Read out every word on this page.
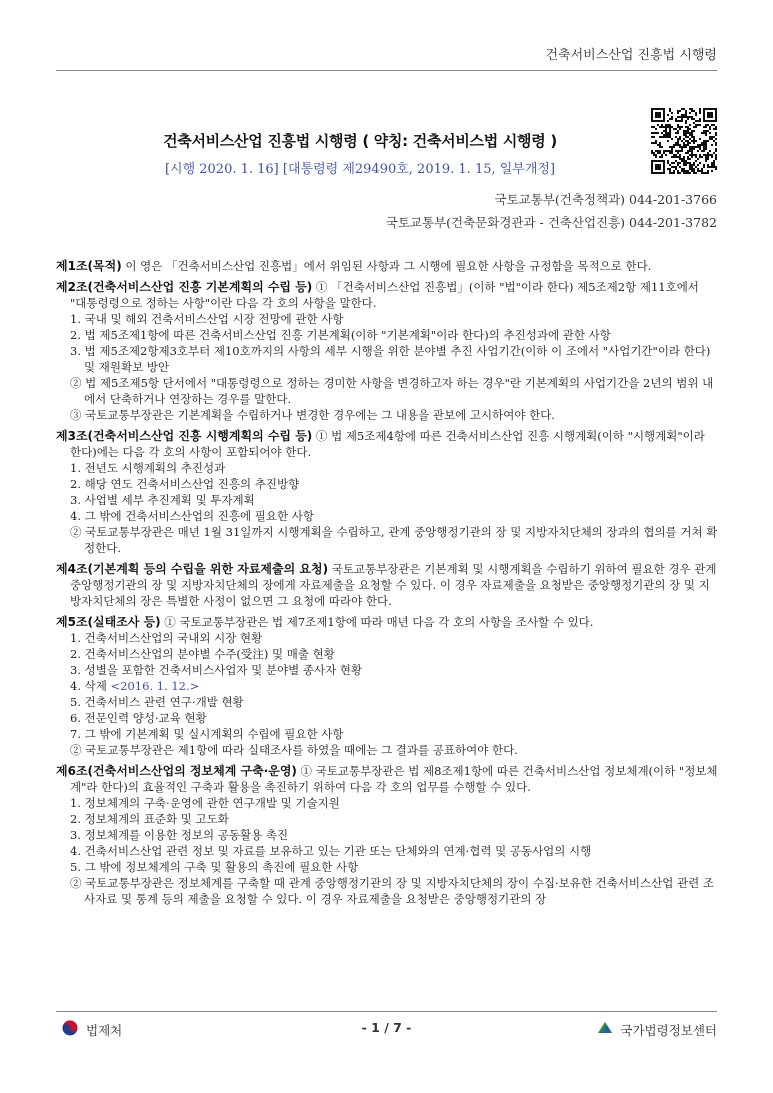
건축서비스산업 진흥법 시행령
건축서비스산업 진흥법 시행령 ( 약칭: 건축서비스법 시행령 )
[시행 2020. 1. 16] [대통령령 제29490호, 2019. 1. 15, 일부개정]
국토교통부(건축정책과) 044-201-3766
국토교통부(건축문화경관과 - 건축산업진흥) 044-201-3782
제1조(목적) 이 영은 「건축서비스산업 진흥법」에서 위임된 사항과 그 시행에 필요한 사항을 규정함을 목적으로 한다.
제2조(건축서비스산업 진흥 기본계획의 수립 등) ① 「건축서비스산업 진흥법」(이하 "법"이라 한다) 제5조제2항 제11호에서 "대통령령으로 정하는 사항"이란 다음 각 호의 사항을 말한다.
1. 국내 및 해외 건축서비스산업 시장 전망에 관한 사항
2. 법 제5조제1항에 따른 건축서비스산업 진흥 기본계획(이하 "기본계획"이라 한다)의 추진성과에 관한 사항
3. 법 제5조제2항제3호부터 제10호까지의 사항의 세부 시행을 위한 분야별 추진 사업기간(이하 이 조에서 "사업기간"이라 한다) 및 재원확보 방안
② 법 제5조제5항 단서에서 "대통령령으로 정하는 경미한 사항을 변경하고자 하는 경우"란 기본계획의 사업기간을 2년의 범위 내에서 단축하거나 연장하는 경우를 말한다.
③ 국토교통부장관은 기본계획을 수립하거나 변경한 경우에는 그 내용을 관보에 고시하여야 한다.
제3조(건축서비스산업 진흥 시행계획의 수립 등) ① 법 제5조제4항에 따른 건축서비스산업 진흥 시행계획(이하 "시행계획"이라 한다)에는 다음 각 호의 사항이 포함되어야 한다.
1. 전년도 시행계획의 추진성과
2. 해당 연도 건축서비스산업 진흥의 추진방향
3. 사업별 세부 추진계획 및 투자계획
4. 그 밖에 건축서비스산업의 진흥에 필요한 사항
② 국토교통부장관은 매년 1월 31일까지 시행계획을 수립하고, 관계 중앙행정기관의 장 및 지방자치단체의 장과의 협의를 거쳐 확정한다.
제4조(기본계획 등의 수립을 위한 자료제출의 요청) 국토교통부장관은 기본계획 및 시행계획을 수립하기 위하여 필요한 경우 관계 중앙행정기관의 장 및 지방자치단체의 장에게 자료제출을 요청할 수 있다. 이 경우 자료제출을 요청받은 중앙행정기관의 장 및 지방자치단체의 장은 특별한 사정이 없으면 그 요청에 따라야 한다.
제5조(실태조사 등) ① 국토교통부장관은 법 제7조제1항에 따라 매년 다음 각 호의 사항을 조사할 수 있다.
1. 건축서비스산업의 국내외 시장 현황
2. 건축서비스산업의 분야별 수주(受注) 및 매출 현황
3. 성별을 포함한 건축서비스사업자 및 분야별 종사자 현황
4. 삭제 <2016. 1. 12.>
5. 건축서비스 관련 연구·개발 현황
6. 전문인력 양성·교육 현황
7. 그 밖에 기본계획 및 실시계획의 수립에 필요한 사항
② 국토교통부장관은 제1항에 따라 실태조사를 하였을 때에는 그 결과를 공표하여야 한다.
제6조(건축서비스산업의 정보체계 구축·운영) ① 국토교통부장관은 법 제8조제1항에 따른 건축서비스산업 정보체계(이하 "정보체계"라 한다)의 효율적인 구축과 활용을 촉진하기 위하여 다음 각 호의 업무를 수행할 수 있다.
1. 정보체계의 구축·운영에 관한 연구개발 및 기술지원
2. 정보체계의 표준화 및 고도화
3. 정보체계를 이용한 정보의 공동활용 촉진
4. 건축서비스산업 관련 정보 및 자료를 보유하고 있는 기관 또는 단체와의 연계·협력 및 공동사업의 시행
5. 그 밖에 정보체계의 구축 및 활용의 촉진에 필요한 사항
② 국토교통부장관은 정보체계를 구축할 때 관계 중앙행정기관의 장 및 지방자치단체의 장이 수집·보유한 건축서비스산업 관련 조사자료 및 통계 등의 제출을 요청할 수 있다. 이 경우 자료제출을 요청받은 중앙행정기관의 장
법제처	- 1 / 7 -	국가법령정보센터
